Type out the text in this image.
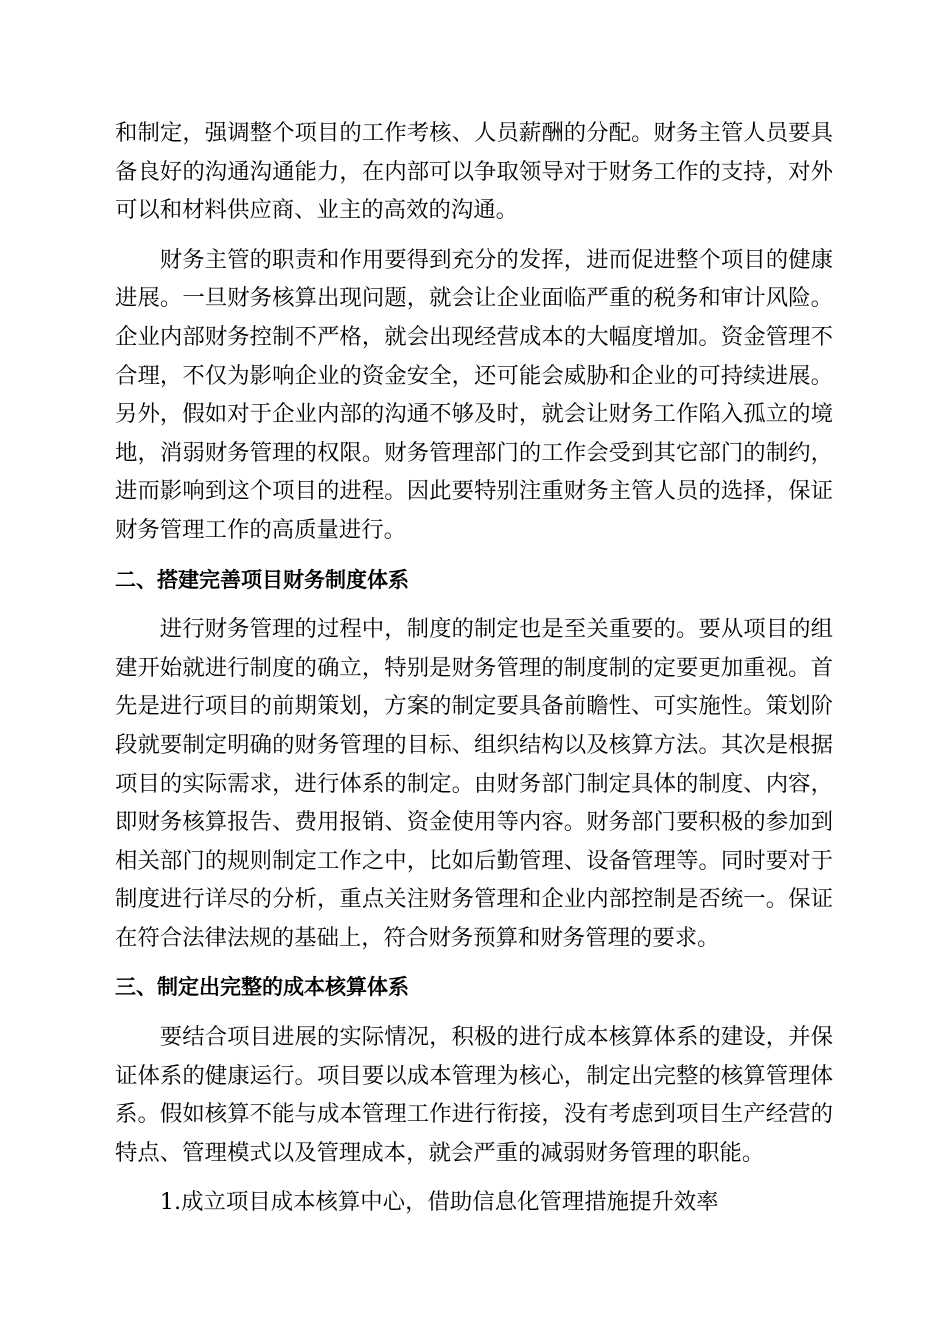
和制定，强调整个项目的工作考核、人员薪酬的分配。财务主管人员要具备良好的沟通沟通能力，在内部可以争取领导对于财务工作的支持，对外可以和材料供应商、业主的高效的沟通。

财务主管的职责和作用要得到充分的发挥，进而促进整个项目的健康进展。一旦财务核算出现问题，就会让企业面临严重的税务和审计风险。企业内部财务控制不严格，就会出现经营成本的大幅度增加。资金管理不合理，不仅为影响企业的资金安全，还可能会威胁和企业的可持续进展。另外，假如对于企业内部的沟通不够及时，就会让财务工作陷入孤立的境地，消弱财务管理的权限。财务管理部门的工作会受到其它部门的制约，进而影响到这个项目的进程。因此要特别注重财务主管人员的选择，保证财务管理工作的高质量进行。

二、搭建完善项目财务制度体系

进行财务管理的过程中，制度的制定也是至关重要的。要从项目的组建开始就进行制度的确立，特别是财务管理的制度制的定要更加重视。首先是进行项目的前期策划，方案的制定要具备前瞻性、可实施性。策划阶段就要制定明确的财务管理的目标、组织结构以及核算方法。其次是根据项目的实际需求，进行体系的制定。由财务部门制定具体的制度、内容，即财务核算报告、费用报销、资金使用等内容。财务部门要积极的参加到相关部门的规则制定工作之中，比如后勤管理、设备管理等。同时要对于制度进行详尽的分析，重点关注财务管理和企业内部控制是否统一。保证在符合法律法规的基础上，符合财务预算和财务管理的要求。

三、制定出完整的成本核算体系

要结合项目进展的实际情况，积极的进行成本核算体系的建设，并保证体系的健康运行。项目要以成本管理为核心，制定出完整的核算管理体系。假如核算不能与成本管理工作进行衔接，没有考虑到项目生产经营的特点、管理模式以及管理成本，就会严重的减弱财务管理的职能。

1.成立项目成本核算中心，借助信息化管理措施提升效率
